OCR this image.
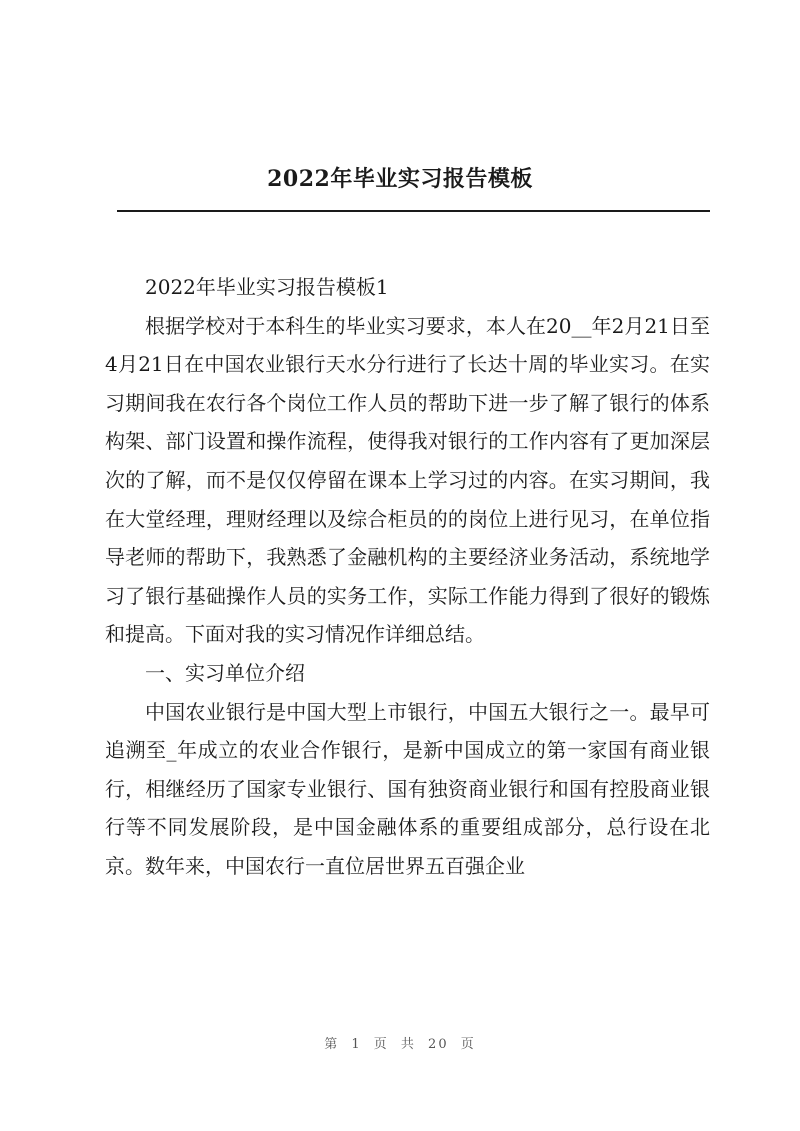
2022年毕业实习报告模板

2022年毕业实习报告模板1

根据学校对于本科生的毕业实习要求，本人在20__年2月21日至4月21日在中国农业银行天水分行进行了长达十周的毕业实习。在实习期间我在农行各个岗位工作人员的帮助下进一步了解了银行的体系构架、部门设置和操作流程，使得我对银行的工作内容有了更加深层次的了解，而不是仅仅停留在课本上学习过的内容。在实习期间，我在大堂经理，理财经理以及综合柜员的的岗位上进行见习，在单位指导老师的帮助下，我熟悉了金融机构的主要经济业务活动，系统地学习了银行基础操作人员的实务工作，实际工作能力得到了很好的锻炼和提高。下面对我的实习情况作详细总结。

一、实习单位介绍

中国农业银行是中国大型上市银行，中国五大银行之一。最早可追溯至_年成立的农业合作银行，是新中国成立的第一家国有商业银行，相继经历了国家专业银行、国有独资商业银行和国有控股商业银行等不同发展阶段，是中国金融体系的重要组成部分，总行设在北京。数年来，中国农行一直位居世界五百强企业

第 1 页 共 20 页
